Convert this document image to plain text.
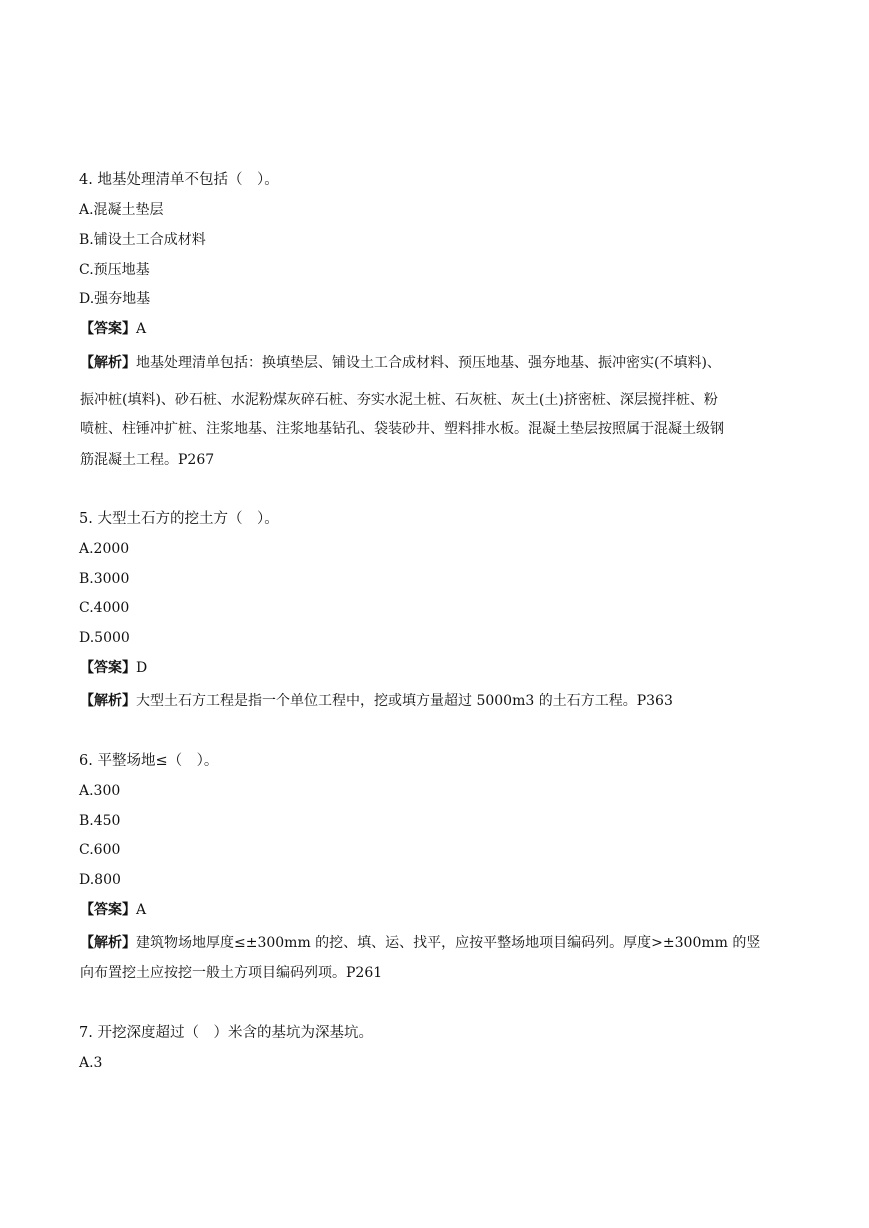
4. 地基处理清单不包括（　）。
A.混凝土垫层
B.铺设土工合成材料
C.预压地基
D.强夯地基
【答案】A
【解析】地基处理清单包括：换填垫层、铺设土工合成材料、预压地基、强夯地基、振冲密实(不填料)、
振冲桩(填料)、砂石桩、水泥粉煤灰碎石桩、夯实水泥土桩、石灰桩、灰土(土)挤密桩、深层搅拌桩、粉
喷桩、柱锤冲扩桩、注浆地基、注浆地基钻孔、袋装砂井、塑料排水板。混凝土垫层按照属于混凝土级钢
筋混凝土工程。P267
5. 大型土石方的挖土方（　）。
A.2000
B.3000
C.4000
D.5000
【答案】D
【解析】大型土石方工程是指一个单位工程中，挖或填方量超过 5000m3 的土石方工程。P363
6. 平整场地≤（　）。
A.300
B.450
C.600
D.800
【答案】A
【解析】建筑物场地厚度≤±300mm 的挖、填、运、找平，应按平整场地项目编码列。厚度>±300mm 的竖
向布置挖土应按挖一般土方项目编码列项。P261
7. 开挖深度超过（　）米含的基坑为深基坑。
A.3
